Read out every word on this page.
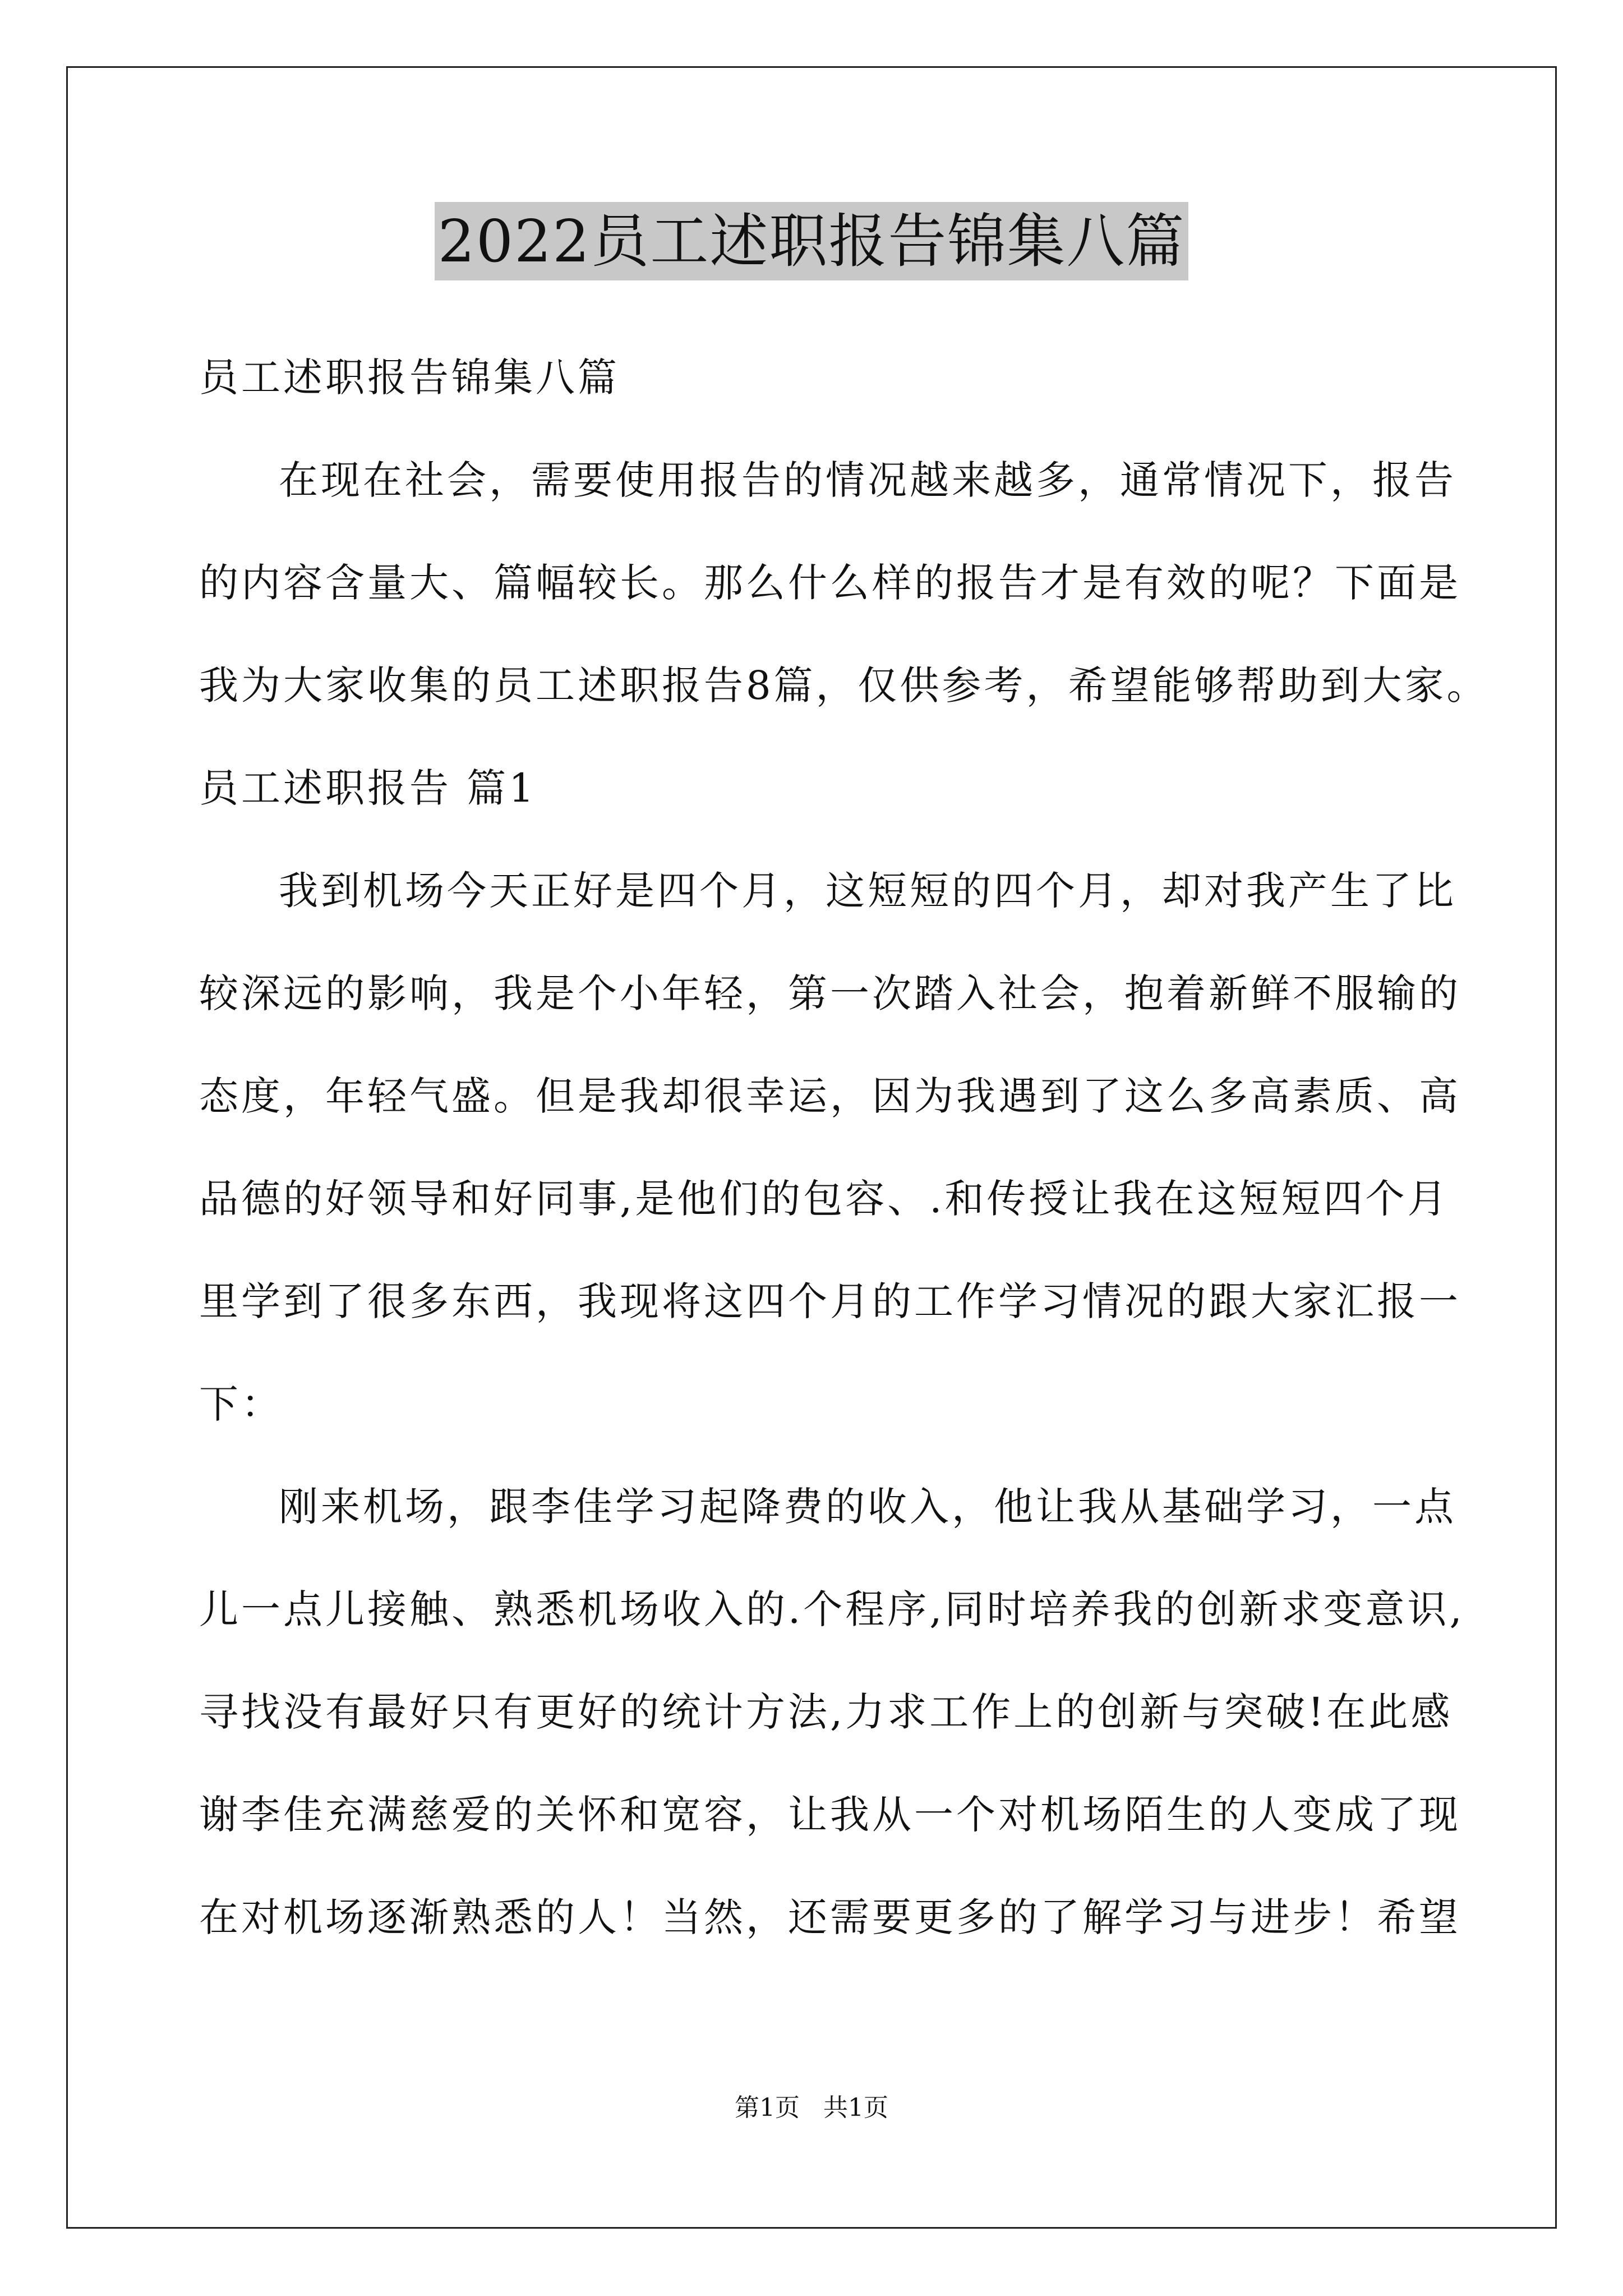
2022员工述职报告锦集八篇
员工述职报告锦集八篇
在现在社会，需要使用报告的情况越来越多，通常情况下，报告
的内容含量大、篇幅较长。那么什么样的报告才是有效的呢？下面是
我为大家收集的员工述职报告8篇，仅供参考，希望能够帮助到大家。
员工述职报告 篇1
我到机场今天正好是四个月，这短短的四个月，却对我产生了比
较深远的影响，我是个小年轻，第一次踏入社会，抱着新鲜不服输的
态度，年轻气盛。但是我却很幸运，因为我遇到了这么多高素质、高
品德的好领导和好同事,是他们的包容、.和传授让我在这短短四个月
里学到了很多东西，我现将这四个月的工作学习情况的跟大家汇报一
下：
刚来机场，跟李佳学习起降费的收入，他让我从基础学习，一点
儿一点儿接触、熟悉机场收入的.个程序,同时培养我的创新求变意识,
寻找没有最好只有更好的统计方法,力求工作上的创新与突破!在此感
谢李佳充满慈爱的关怀和宽容，让我从一个对机场陌生的人变成了现
在对机场逐渐熟悉的人！当然，还需要更多的了解学习与进步！希望
第1页 共1页
